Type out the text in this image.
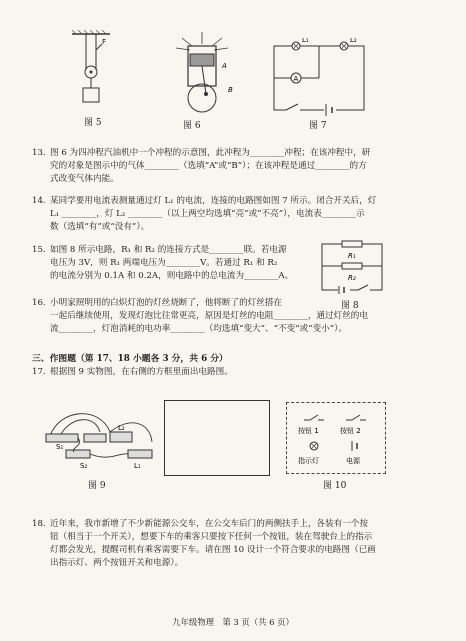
F
图 5
A
B
图 6
A
L₁	L₂
图 7
13. 图 6 为四冲程汽油机中一个冲程的示意图，此冲程为________冲程；在该冲程中，研
究的对象是图示中的气体________（选填“A”或“B”）；在该冲程是通过________的方
式改变气体内能。
14. 某同学要用电流表测量通过灯 L₁ 的电流，连接的电路图如图 7 所示。闭合开关后，灯
L₁ ________，灯 L₂ ________（以上两空均选填“亮”或“不亮”），电流表________示
数（选填“有”或“没有”）。
15. 如图 8 所示电路，R₁ 和 R₂ 的连接方式是________联。若电源
电压为 3V，则 R₁ 两端电压为________V。若通过 R₁ 和 R₂
的电流分别为 0.1A 和 0.2A，则电路中的总电流为________A。
R₁
R₂
图 8
16. 小明家照明用的白炽灯泡的灯丝烧断了，他将断了的灯丝搭在
一起后继续使用，发现灯泡比往常更亮，原因是灯丝的电阻________，通过灯丝的电
流________，灯泡消耗的电功率________（均选填“变大”、“不变”或“变小”）。
三、作图题（第 17、18 小题各 3 分，共 6 分）
17. 根据图 9 实物图，在右侧的方框里面出电路图。
S₁
L₂
S₂	L₁
图 9
按钮 1	按钮 2
指示灯	电源
图 10
18. 近年来，我市新增了不少新能源公交车，在公交车后门的两侧扶手上，各装有一个按
钮（相当于一个开关），想要下车的乘客只要按下任何一个按钮，装在驾驶台上的指示
灯都会发光，提醒司机有乘客需要下车。请在图 10 设计一个符合要求的电路图（已画
出指示灯、两个按钮开关和电源）。
九年级物理　第 3 页（共 6 页）
